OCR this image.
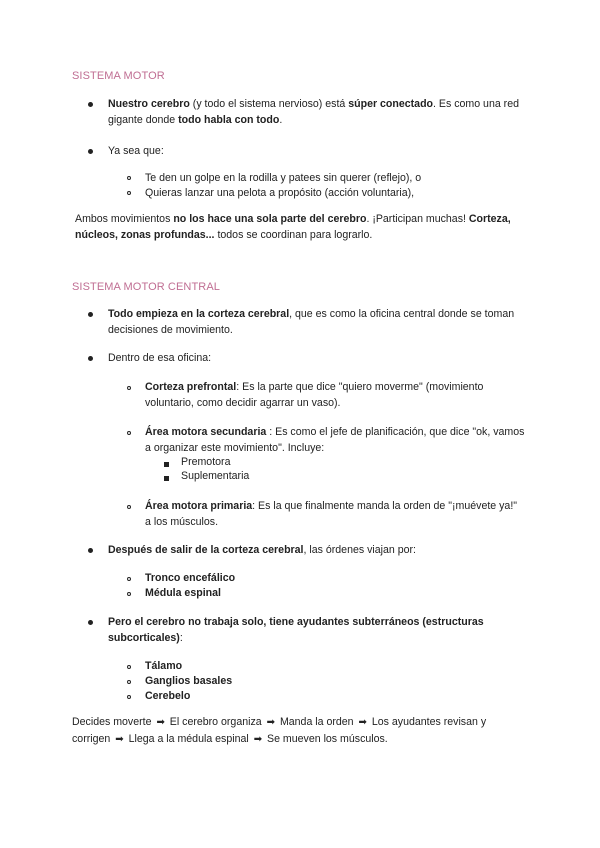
SISTEMA MOTOR

Nuestro cerebro (y todo el sistema nervioso) está súper conectado. Es como una red gigante donde todo habla con todo.

Ya sea que:

Te den un golpe en la rodilla y patees sin querer (reflejo), o

Quieras lanzar una pelota a propósito (acción voluntaria),

Ambos movimientos no los hace una sola parte del cerebro. ¡Participan muchas! Corteza, núcleos, zonas profundas... todos se coordinan para lograrlo.

SISTEMA MOTOR CENTRAL

Todo empieza en la corteza cerebral, que es como la oficina central donde se toman decisiones de movimiento.

Dentro de esa oficina:

Corteza prefrontal: Es la parte que dice "quiero moverme" (movimiento voluntario, como decidir agarrar un vaso).

Área motora secundaria : Es como el jefe de planificación, que dice "ok, vamos a organizar este movimiento". Incluye:

Premotora

Suplementaria

Área motora primaria: Es la que finalmente manda la orden de "¡muévete ya!" a los músculos.

Después de salir de la corteza cerebral, las órdenes viajan por:

Tronco encefálico

Médula espinal

Pero el cerebro no trabaja solo, tiene ayudantes subterráneos (estructuras subcorticales):

Tálamo

Ganglios basales

Cerebelo

Decides moverte ➡ El cerebro organiza ➡ Manda la orden ➡ Los ayudantes revisan y corrigen ➡ Llega a la médula espinal ➡ Se mueven los músculos.
